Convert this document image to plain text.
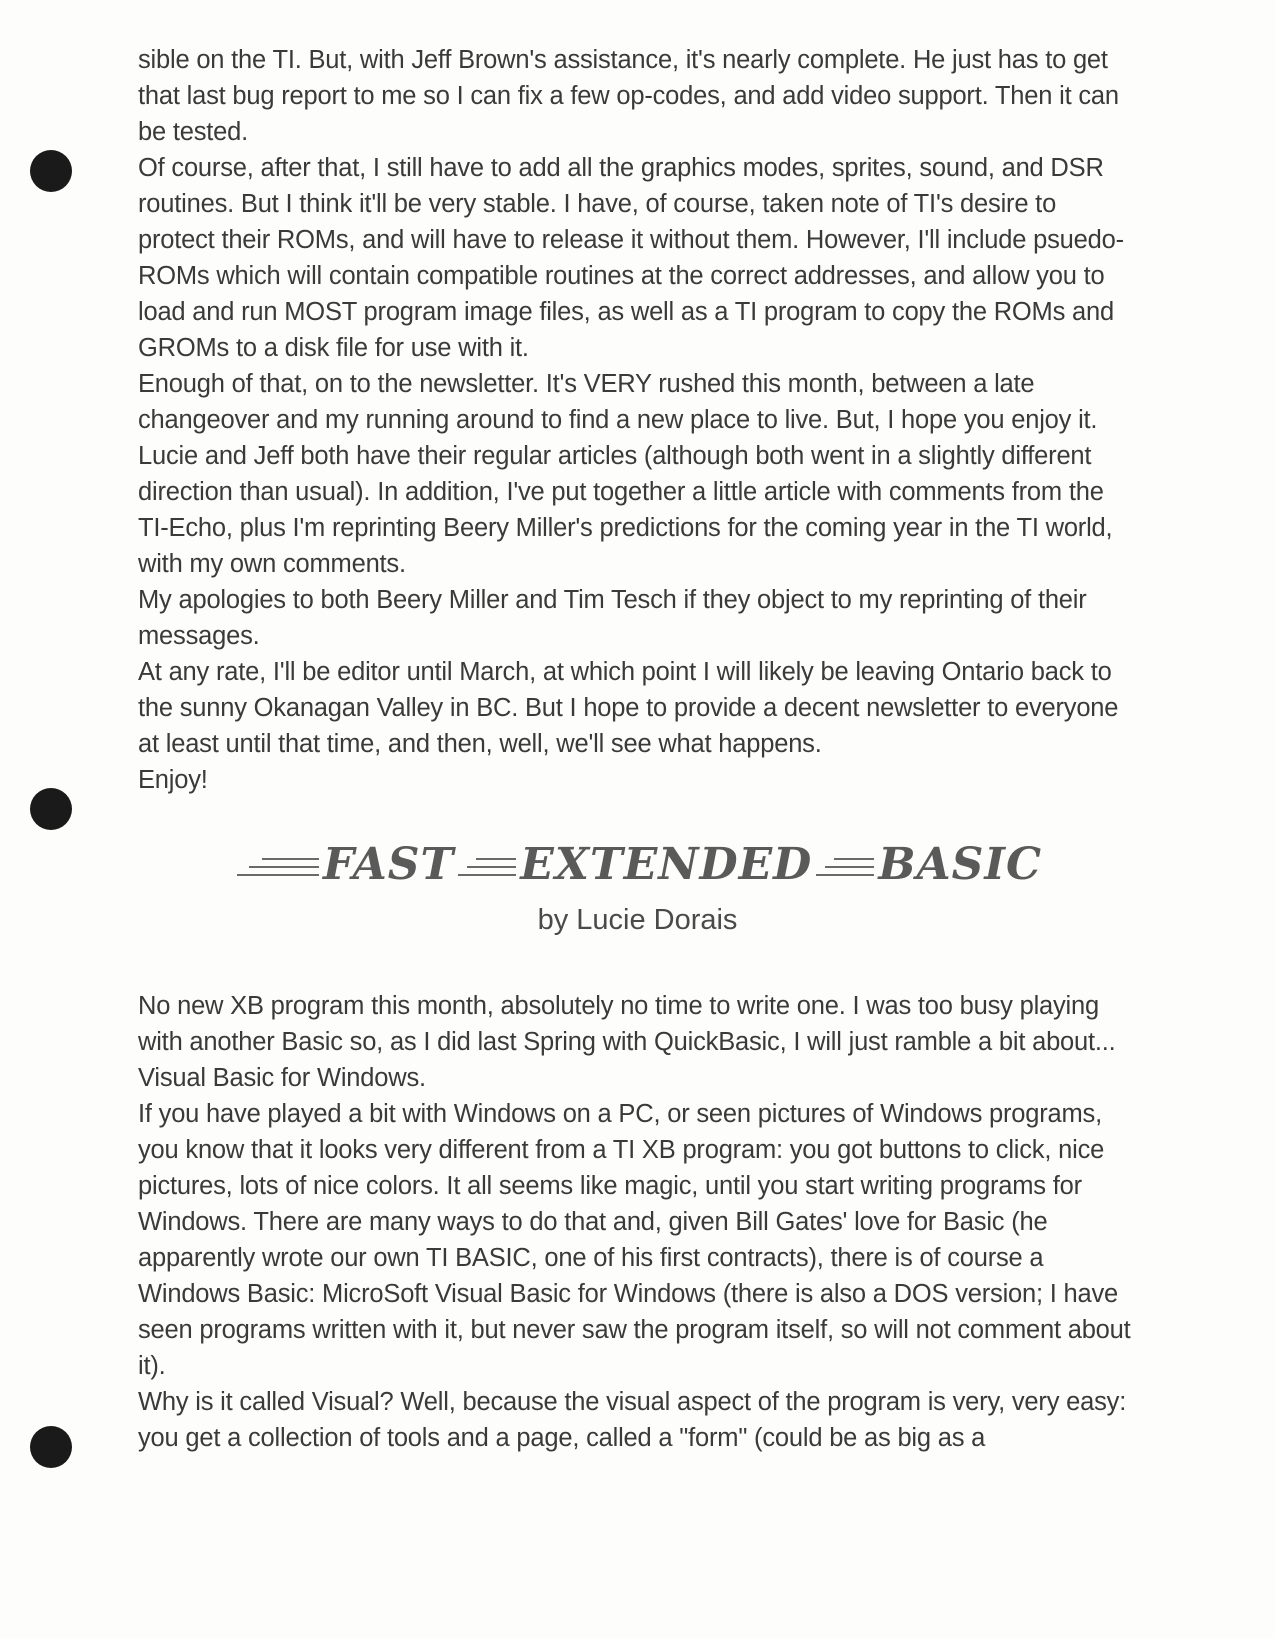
sible on the TI. But, with Jeff Brown's assistance, it's nearly complete. He just has to get that last bug report to me so I can fix a few op-codes, and add video support. Then it can be tested.

Of course, after that, I still have to add all the graphics modes, sprites, sound, and DSR routines. But I think it'll be very stable. I have, of course, taken note of TI's desire to protect their ROMs, and will have to release it without them. However, I'll include psuedo-ROMs which will contain compatible routines at the correct addresses, and allow you to load and run MOST program image files, as well as a TI program to copy the ROMs and GROMs to a disk file for use with it.

Enough of that, on to the newsletter. It's VERY rushed this month, between a late changeover and my running around to find a new place to live. But, I hope you enjoy it. Lucie and Jeff both have their regular articles (although both went in a slightly different direction than usual). In addition, I've put together a little article with comments from the TI-Echo, plus I'm reprinting Beery Miller's predictions for the coming year in the TI world, with my own comments.

My apologies to both Beery Miller and Tim Tesch if they object to my reprinting of their messages.

At any rate, I'll be editor until March, at which point I will likely be leaving Ontario back to the sunny Okanagan Valley in BC. But I hope to provide a decent newsletter to everyone at least until that time, and then, well, we'll see what happens.

Enjoy!

FAST EXTENDED BASIC
by Lucie Dorais

No new XB program this month, absolutely no time to write one. I was too busy playing with another Basic so, as I did last Spring with QuickBasic, I will just ramble a bit about... Visual Basic for Windows.

If you have played a bit with Windows on a PC, or seen pictures of Windows programs, you know that it looks very different from a TI XB program: you got buttons to click, nice pictures, lots of nice colors. It all seems like magic, until you start writing programs for Windows. There are many ways to do that and, given Bill Gates' love for Basic (he apparently wrote our own TI BASIC, one of his first contracts), there is of course a Windows Basic: MicroSoft Visual Basic for Windows (there is also a DOS version; I have seen programs written with it, but never saw the program itself, so will not comment about it).

Why is it called Visual? Well, because the visual aspect of the program is very, very easy: you get a collection of tools and a page, called a "form" (could be as big as a
